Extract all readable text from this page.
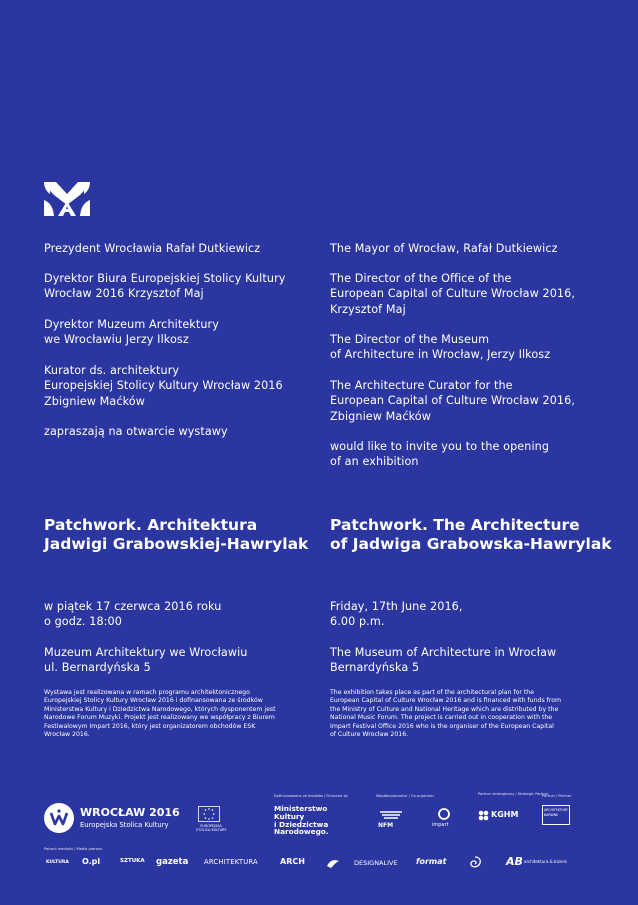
Prezydent Wrocławia Rafał Dutkiewicz
Dyrektor Biura Europejskiej Stolicy Kultury
Wrocław 2016 Krzysztof Maj
Dyrektor Muzeum Architektury
we Wrocławiu Jerzy Ilkosz
Kurator ds. architektury
Europejskiej Stolicy Kultury Wrocław 2016
Zbigniew Maćków
zapraszają na otwarcie wystawy
Patchwork. Architektura
Jadwigi Grabowskiej-Hawrylak
w piątek 17 czerwca 2016 roku
o godz. 18:00
Muzeum Architektury we Wrocławiu
ul. Bernardyńska 5
Wystawa jest realizowana w ramach programu architektonicznego
Europejskiej Stolicy Kultury Wrocław 2016 i dofinansowana ze środków
Ministerstwa Kultury i Dziedzictwa Narodowego, których dysponentem jest
Narodowe Forum Muzyki. Projekt jest realizowany we współpracy z Biurem
Festiwalowym Impart 2016, który jest organizatorem obchodów ESK
Wrocław 2016.
The Mayor of Wrocław, Rafał Dutkiewicz
The Director of the Office of the
European Capital of Culture Wrocław 2016,
Krzysztof Maj
The Director of the Museum
of Architecture in Wrocław, Jerzy Ilkosz
The Architecture Curator for the
European Capital of Culture Wrocław 2016,
Zbigniew Maćków
would like to invite you to the opening
of an exhibition
Patchwork. The Architecture
of Jadwiga Grabowska-Hawrylak
Friday, 17th June 2016,
6.00 p.m.
The Museum of Architecture in Wrocław
Bernardyńska 5
The exhibition takes place as part of the architectural plan for the
European Capital of Culture Wrocław 2016 and is financed with funds from
the Ministry of Culture and National Heritage which are distributed by the
National Music Forum. The project is carried out in cooperation with the
Impart Festival Office 2016 who is the organiser of the European Capital
of Culture Wrocław 2016.
WROCŁAW 2016
Europejska Stolica Kultury	EUROPEJSKA
STOLICA KULTURY
Dofinansowano ze środków / Financed by
Ministerstwo
Kultury
i Dziedzictwa
Narodowego.
Współorganizator / Co-organizer
NFM	impart
Partner strategiczny / Strategic Partner
KGHM
Partner / Partner
ARCHITEKTURY
BARWNE
Patroni medialni / Media patrons
KULTURA O.pl	SZTUKA gazeta ARCHITEKTURA	ARCH	DESIGNALIVE format	AB architektura & biznes
